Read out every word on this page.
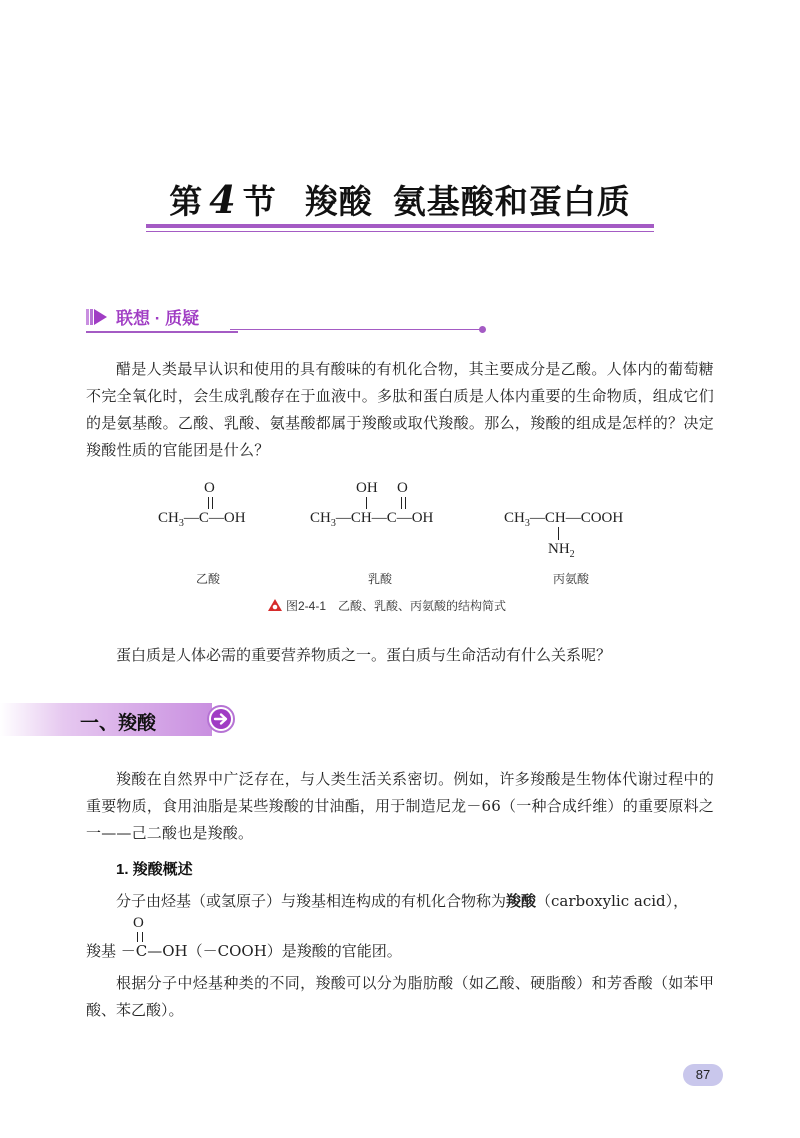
第 4 节 羧酸 氨基酸和蛋白质
联想 · 质疑
醋是人类最早认识和使用的具有酸味的有机化合物，其主要成分是乙酸。人体内的葡萄糖不完全氧化时，会生成乳酸存在于血液中。多肽和蛋白质是人体内重要的生命物质，组成它们的是氨基酸。乙酸、乳酸、氨基酸都属于羧酸或取代羧酸。那么，羧酸的组成是怎样的？决定羧酸性质的官能团是什么？
O
$CH_3—C—OH$
乙酸
OH O
$CH_3—CH—C—OH$
乳酸
$CH_3—CH—COOH$
$NH_2$
丙氨酸
图2-4-1　乙酸、乳酸、丙氨酸的结构简式
蛋白质是人体必需的重要营养物质之一。蛋白质与生命活动有什么关系呢？
一、羧酸
羧酸在自然界中广泛存在，与人类生活关系密切。例如，许多羧酸是生物体代谢过程中的重要物质，食用油脂是某些羧酸的甘油酯，用于制造尼龙－66（一种合成纤维）的重要原料之一——己二酸也是羧酸。
1. 羧酸概述
分子由烃基（或氢原子）与羧基相连构成的有机化合物称为羧酸（carboxylic acid），
O
羧基 －C—OH（－COOH）是羧酸的官能团。
根据分子中烃基种类的不同，羧酸可以分为脂肪酸（如乙酸、硬脂酸）和芳香酸（如苯甲酸、苯乙酸）。
87
